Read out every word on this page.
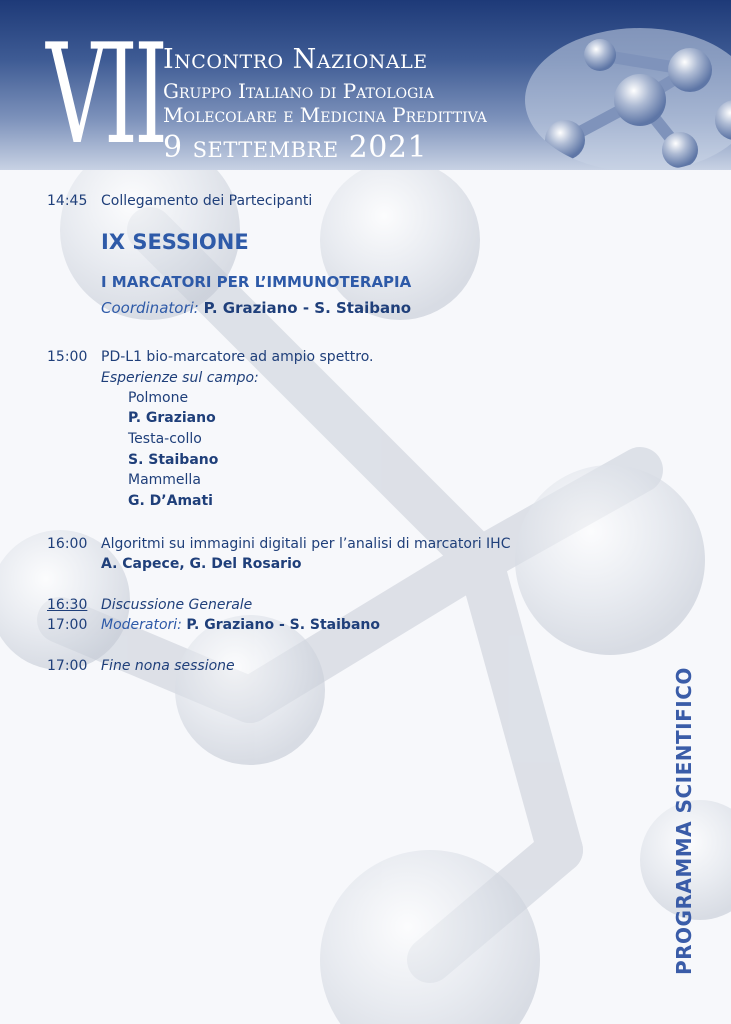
VII
Incontro Nazionale
Gruppo Italiano di Patologia
Molecolare e Medicina Predittiva
9 settembre 2021
14:45 Collegamento dei Partecipanti
IX SESSIONE
I MARCATORI PER L’IMMUNOTERAPIA
Coordinatori: P. Graziano - S. Staibano
15:00 PD-L1 bio-marcatore ad ampio spettro.
Esperienze sul campo:
Polmone
P. Graziano
Testa-collo
S. Staibano
Mammella
G. D’Amati
16:00 Algoritmi su immagini digitali per l’analisi di marcatori IHC
A. Capece, G. Del Rosario
16:30 Discussione Generale
17:00 Moderatori: P. Graziano - S. Staibano
17:00 Fine nona sessione
PROGRAMMA SCIENTIFICO
